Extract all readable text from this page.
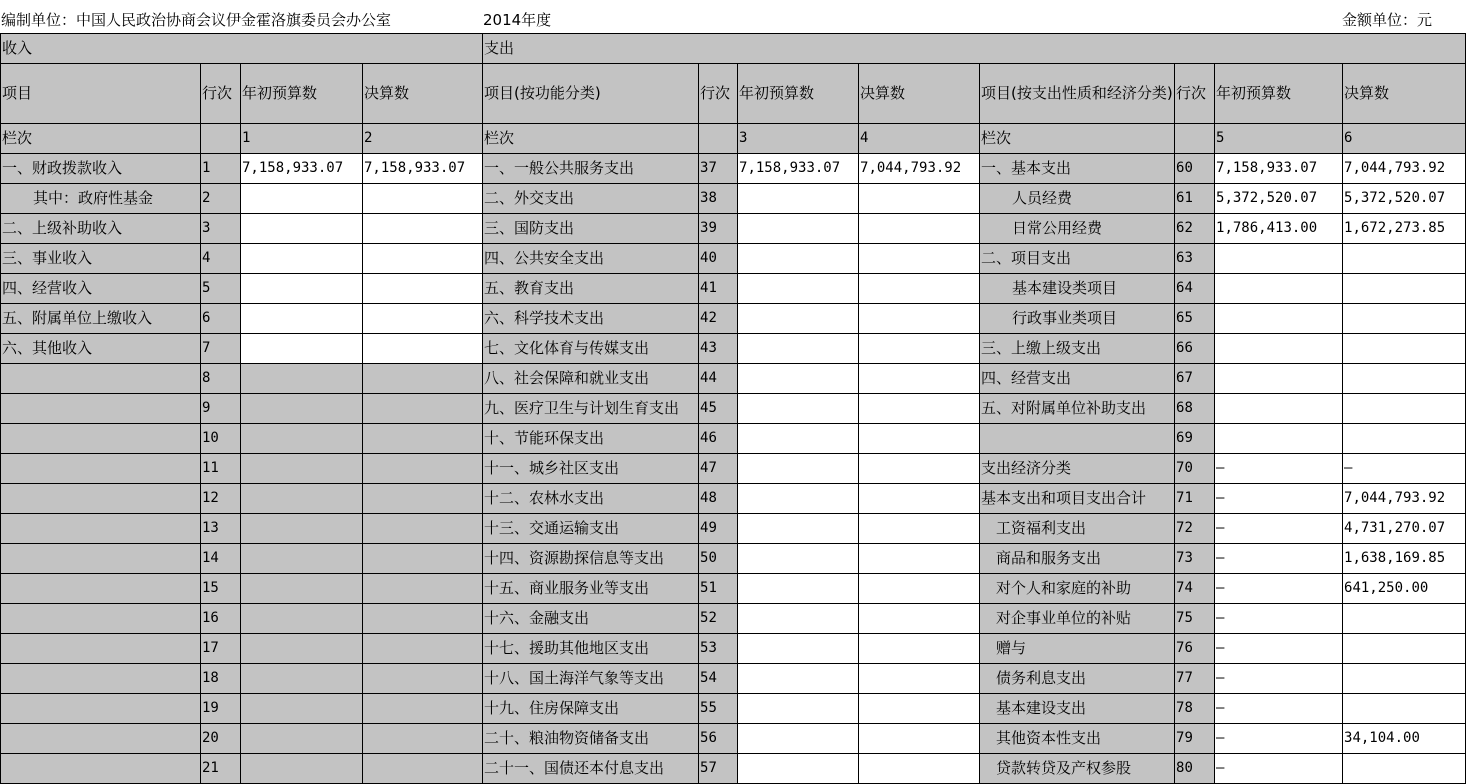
编制单位：中国人民政治协商会议伊金霍洛旗委员会办公室	2014年度	金额单位：元
收入				支出							
项目	行次	年初预算数	决算数	项目(按功能分类)	行次	年初预算数	决算数	项目(按支出性质和经济分类)	行次	年初预算数	决算数
栏次		1	2	栏次		3	4	栏次		5	6
一、财政拨款收入	1	7,158,933.07	7,158,933.07	一、一般公共服务支出	37	7,158,933.07	7,044,793.92	一、基本支出	60	7,158,933.07	7,044,793.92
其中：政府性基金	2			二、外交支出	38			人员经费	61	5,372,520.07	5,372,520.07
二、上级补助收入	3			三、国防支出	39			日常公用经费	62	1,786,413.00	1,672,273.85
三、事业收入	4			四、公共安全支出	40			二、项目支出	63		
四、经营收入	5			五、教育支出	41			基本建设类项目	64		
五、附属单位上缴收入	6			六、科学技术支出	42			行政事业类项目	65		
六、其他收入	7			七、文化体育与传媒支出	43			三、上缴上级支出	66		
	8			八、社会保障和就业支出	44			四、经营支出	67		
	9			九、医疗卫生与计划生育支出	45			五、对附属单位补助支出	68		
	10			十、节能环保支出	46				69		
	11			十一、城乡社区支出	47			支出经济分类	70	—	—
	12			十二、农林水支出	48			基本支出和项目支出合计	71	—	7,044,793.92
	13			十三、交通运输支出	49			工资福利支出	72	—	4,731,270.07
	14			十四、资源勘探信息等支出	50			商品和服务支出	73	—	1,638,169.85
	15			十五、商业服务业等支出	51			对个人和家庭的补助	74	—	641,250.00
	16			十六、金融支出	52			对企事业单位的补贴	75	—	
	17			十七、援助其他地区支出	53			赠与	76	—	
	18			十八、国土海洋气象等支出	54			债务利息支出	77	—	
	19			十九、住房保障支出	55			基本建设支出	78	—	
	20			二十、粮油物资储备支出	56			其他资本性支出	79	—	34,104.00
	21			二十一、国债还本付息支出	57			贷款转贷及产权参股	80	—	
